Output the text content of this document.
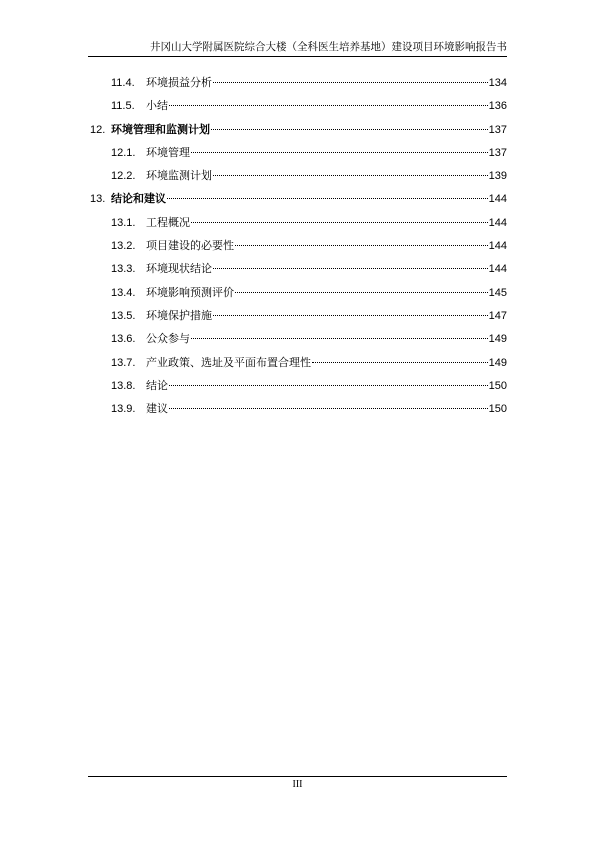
井冈山大学附属医院综合大楼（全科医生培养基地）建设项目环境影响报告书
11.4.	环境损益分析	134
11.5.	小结	136
12. 环境管理和监测计划	137
12.1. 环境管理	137
12.2. 环境监测计划	139
13. 结论和建议	144
13.1. 工程概况	144
13.2. 项目建设的必要性	144
13.3. 环境现状结论	144
13.4. 环境影响预测评价	145
13.5. 环境保护措施	147
13.6. 公众参与	149
13.7. 产业政策、选址及平面布置合理性	149
13.8. 结论	150
13.9. 建议	150
III
